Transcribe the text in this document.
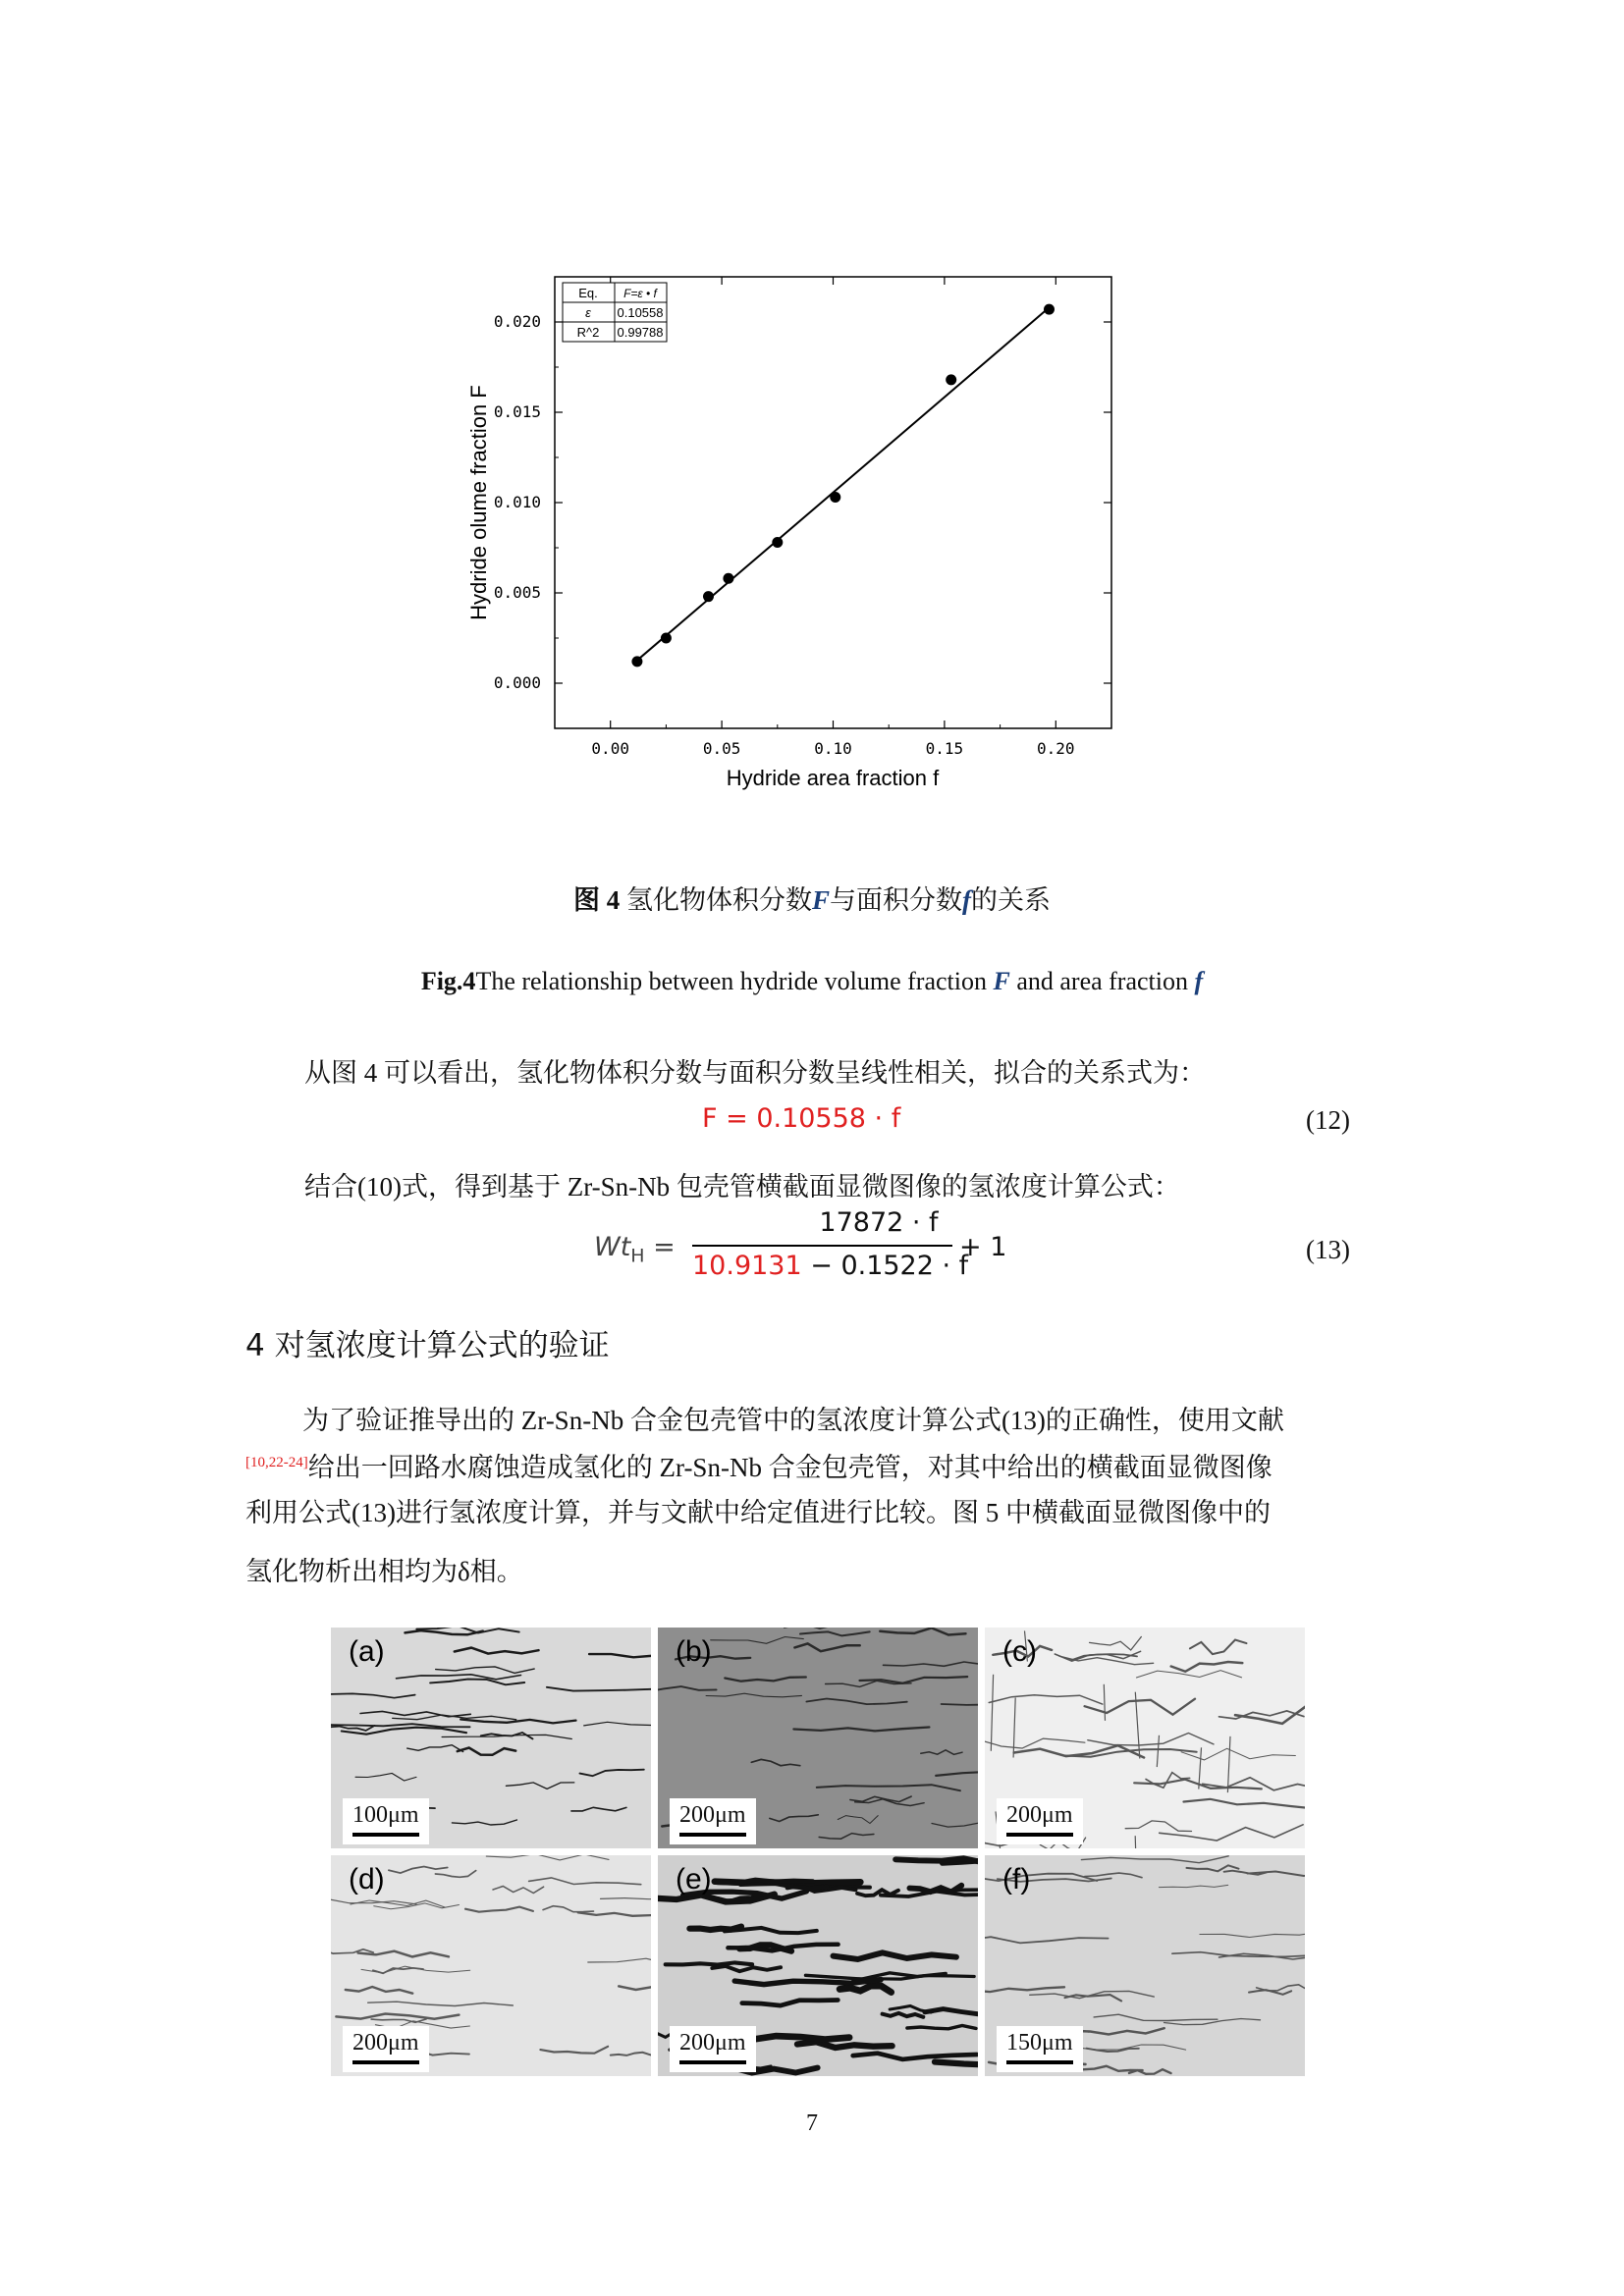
0.00	0.05	0.10	0.15	0.20
0.000
0.005
0.010
0.015
0.020
Hydride area fraction f
Hydride olume fraction F
Eq. F=ε • f
ε 0.10558
R^2 0.99788
图 4 氢化物体积分数F与面积分数f的关系
Fig.4The relationship between hydride volume fraction F and area fraction f
从图 4 可以看出，氢化物体积分数与面积分数呈线性相关，拟合的关系式为：
F = 0.10558 · f	(12)
结合(10)式，得到基于 Zr-Sn-Nb 包壳管横截面显微图像的氢浓度计算公式：
$Wt_H$ =
17872 · f
10.9131 − 0.1522 · f
+ 1	(13)
4 对氢浓度计算公式的验证
为了验证推导出的 Zr-Sn-Nb 合金包壳管中的氢浓度计算公式(13)的正确性，使用文献
[10,22-24]给出一回路水腐蚀造成氢化的 Zr-Sn-Nb 合金包壳管，对其中给出的横截面显微图像
利用公式(13)进行氢浓度计算，并与文献中给定值进行比较。图 5 中横截面显微图像中的
氢化物析出相均为δ相。
(a)
100μm
(b)
200μm
(c)
200μm
(d)
200μm
(e)
200μm
(f)
150μm
7
